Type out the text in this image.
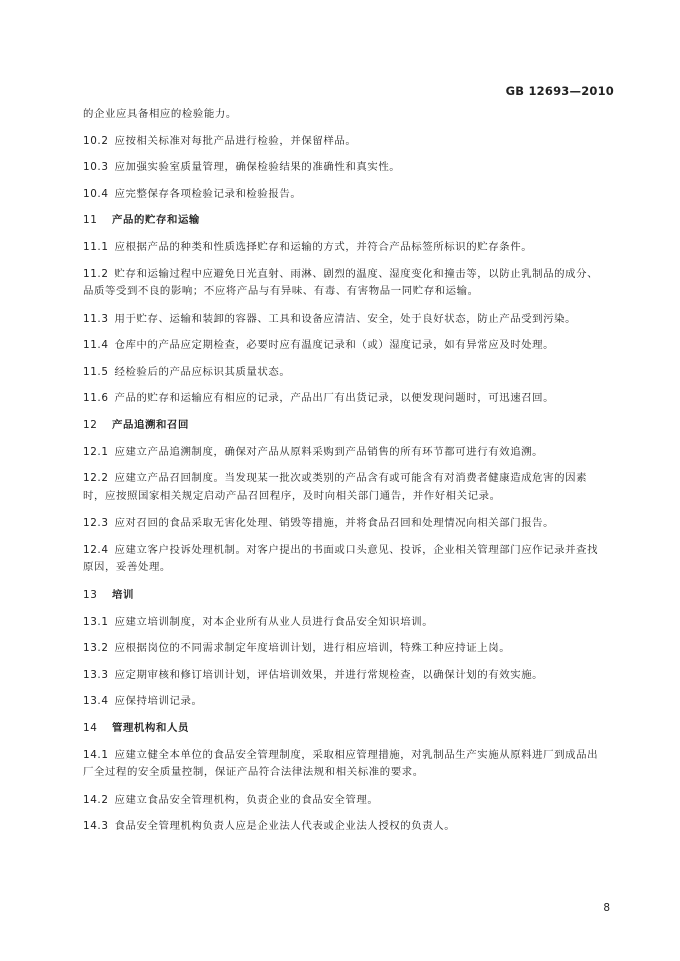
GB 12693—2010

的企业应具备相应的检验能力。

10.2 应按相关标准对每批产品进行检验，并保留样品。

10.3 应加强实验室质量管理，确保检验结果的准确性和真实性。

10.4 应完整保存各项检验记录和检验报告。

11 产品的贮存和运输

11.1 应根据产品的种类和性质选择贮存和运输的方式，并符合产品标签所标识的贮存条件。

11.2 贮存和运输过程中应避免日光直射、雨淋、剧烈的温度、湿度变化和撞击等，以防止乳制品的成分、品质等受到不良的影响；不应将产品与有异味、有毒、有害物品一同贮存和运输。

11.3 用于贮存、运输和装卸的容器、工具和设备应清洁、安全，处于良好状态，防止产品受到污染。

11.4 仓库中的产品应定期检查，必要时应有温度记录和（或）湿度记录，如有异常应及时处理。

11.5 经检验后的产品应标识其质量状态。

11.6 产品的贮存和运输应有相应的记录，产品出厂有出货记录，以便发现问题时，可迅速召回。

12 产品追溯和召回

12.1 应建立产品追溯制度，确保对产品从原料采购到产品销售的所有环节都可进行有效追溯。

12.2 应建立产品召回制度。当发现某一批次或类别的产品含有或可能含有对消费者健康造成危害的因素时，应按照国家相关规定启动产品召回程序，及时向相关部门通告，并作好相关记录。

12.3 应对召回的食品采取无害化处理、销毁等措施，并将食品召回和处理情况向相关部门报告。

12.4 应建立客户投诉处理机制。对客户提出的书面或口头意见、投诉，企业相关管理部门应作记录并查找原因，妥善处理。

13 培训

13.1 应建立培训制度，对本企业所有从业人员进行食品安全知识培训。

13.2 应根据岗位的不同需求制定年度培训计划，进行相应培训，特殊工种应持证上岗。

13.3 应定期审核和修订培训计划，评估培训效果，并进行常规检查，以确保计划的有效实施。

13.4 应保持培训记录。

14 管理机构和人员

14.1 应建立健全本单位的食品安全管理制度，采取相应管理措施，对乳制品生产实施从原料进厂到成品出厂全过程的安全质量控制，保证产品符合法律法规和相关标准的要求。

14.2 应建立食品安全管理机构，负责企业的食品安全管理。

14.3 食品安全管理机构负责人应是企业法人代表或企业法人授权的负责人。

8
